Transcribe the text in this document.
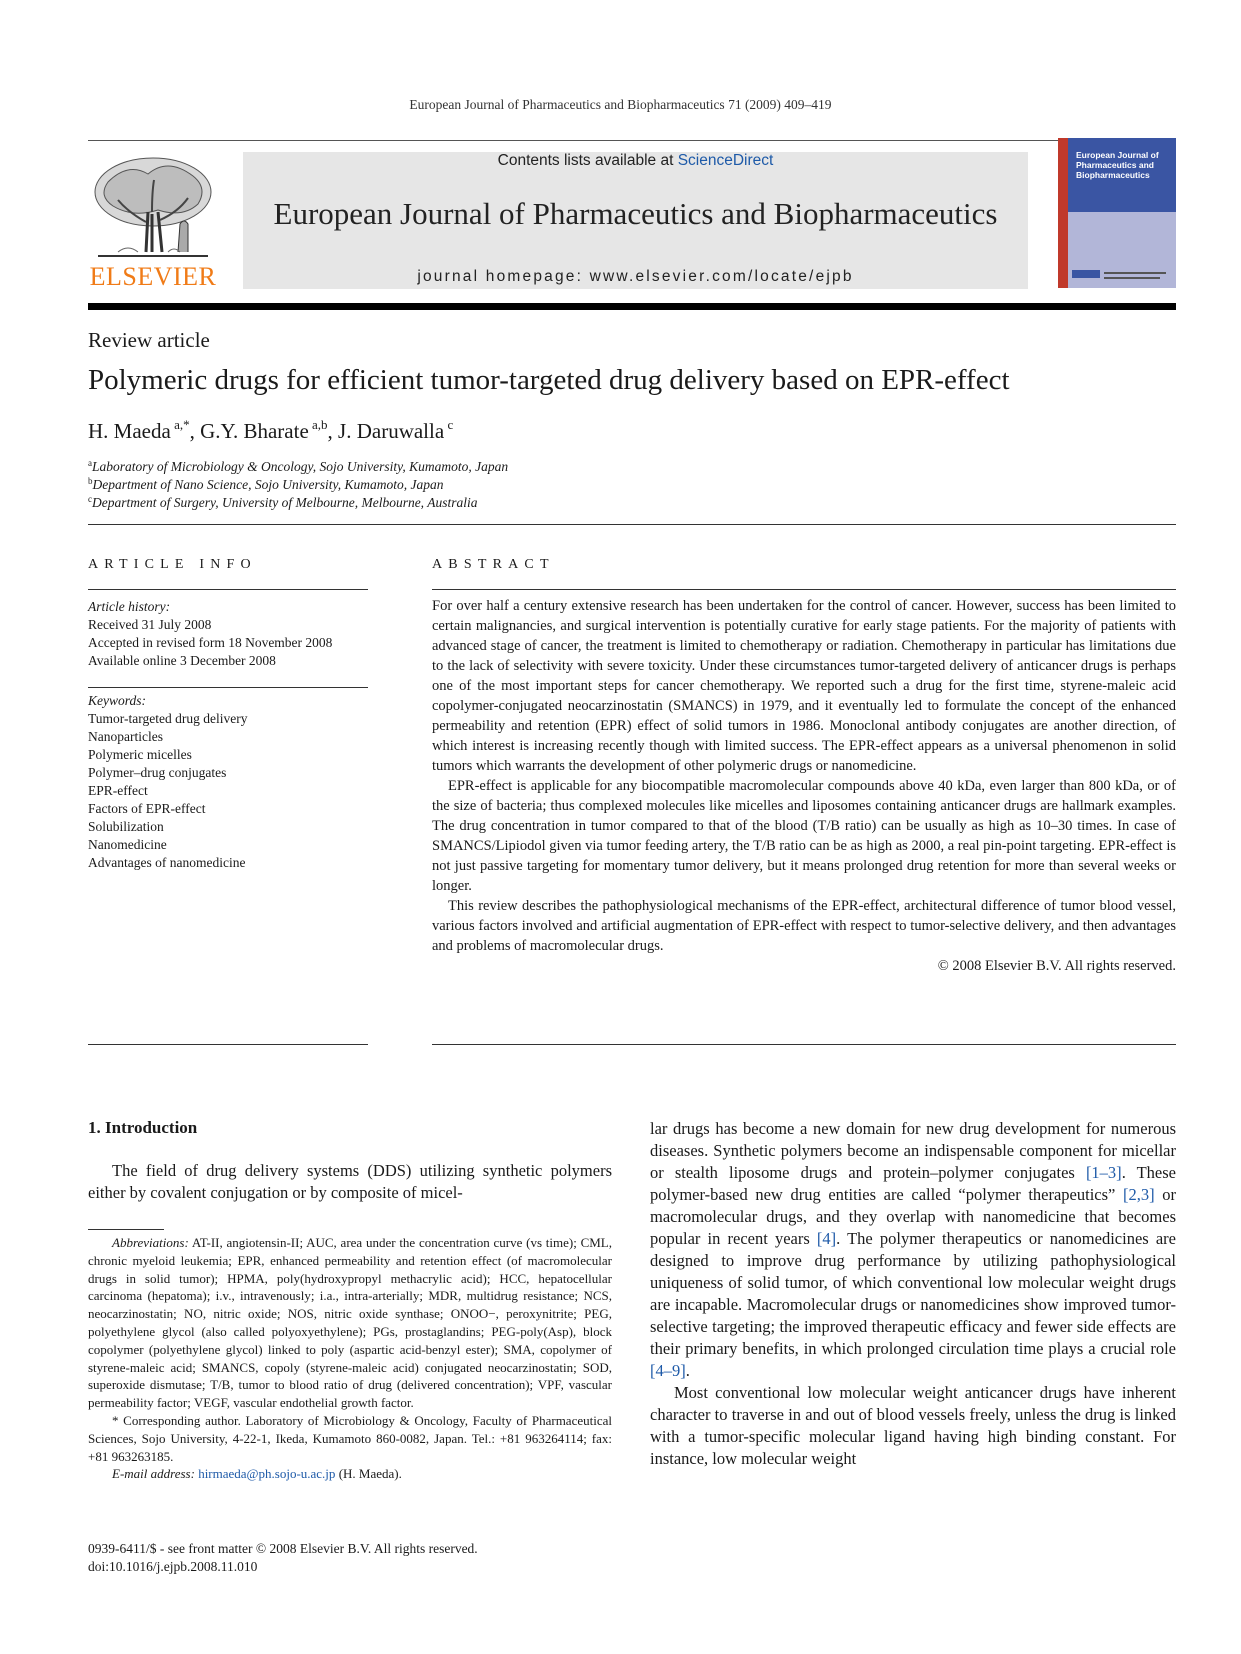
European Journal of Pharmaceutics and Biopharmaceutics 71 (2009) 409–419
ELSEVIER
Contents lists available at ScienceDirect
European Journal of Pharmaceutics and Biopharmaceutics
journal homepage: www.elsevier.com/locate/ejpb
European Journal of Pharmaceutics and Biopharmaceutics
Review article
Polymeric drugs for efficient tumor-targeted drug delivery based on EPR-effect
H. Maeda $^{a,*}$, G.Y. Bharate $^{a,b}$, J. Daruwalla $^c$
$^a$Laboratory of Microbiology & Oncology, Sojo University, Kumamoto, Japan
$^b$Department of Nano Science, Sojo University, Kumamoto, Japan
$^c$Department of Surgery, University of Melbourne, Melbourne, Australia
ARTICLE INFO
Article history:
Received 31 July 2008
Accepted in revised form 18 November 2008
Available online 3 December 2008
Keywords:
Tumor-targeted drug delivery
Nanoparticles
Polymeric micelles
Polymer–drug conjugates
EPR-effect
Factors of EPR-effect
Solubilization
Nanomedicine
Advantages of nanomedicine
ABSTRACT

For over half a century extensive research has been undertaken for the control of cancer. However, success has been limited to certain malignancies, and surgical intervention is potentially curative for early stage patients. For the majority of patients with advanced stage of cancer, the treatment is limited to chemotherapy or radiation. Chemotherapy in particular has limitations due to the lack of selectivity with severe toxicity. Under these circumstances tumor-targeted delivery of anticancer drugs is perhaps one of the most important steps for cancer chemotherapy. We reported such a drug for the first time, styrene-maleic acid copolymer-conjugated neocarzinostatin (SMANCS) in 1979, and it eventually led to formulate the concept of the enhanced permeability and retention (EPR) effect of solid tumors in 1986. Monoclonal antibody conjugates are another direction, of which interest is increasing recently though with limited success. The EPR-effect appears as a universal phenomenon in solid tumors which warrants the development of other polymeric drugs or nanomedicine.

EPR-effect is applicable for any biocompatible macromolecular compounds above 40 kDa, even larger than 800 kDa, or of the size of bacteria; thus complexed molecules like micelles and liposomes containing anticancer drugs are hallmark examples. The drug concentration in tumor compared to that of the blood (T/B ratio) can be usually as high as 10–30 times. In case of SMANCS/Lipiodol given via tumor feeding artery, the T/B ratio can be as high as 2000, a real pin-point targeting. EPR-effect is not just passive targeting for momentary tumor delivery, but it means prolonged drug retention for more than several weeks or longer.

This review describes the pathophysiological mechanisms of the EPR-effect, architectural difference of tumor blood vessel, various factors involved and artificial augmentation of EPR-effect with respect to tumor-selective delivery, and then advantages and problems of macromolecular drugs.

© 2008 Elsevier B.V. All rights reserved.
1. Introduction
The field of drug delivery systems (DDS) utilizing synthetic polymers either by covalent conjugation or by composite of micel-

Abbreviations: AT-II, angiotensin-II; AUC, area under the concentration curve (vs time); CML, chronic myeloid leukemia; EPR, enhanced permeability and retention effect (of macromolecular drugs in solid tumor); HPMA, poly(hydroxypropyl methacrylic acid); HCC, hepatocellular carcinoma (hepatoma); i.v., intravenously; i.a., intra-arterially; MDR, multidrug resistance; NCS, neocarzinostatin; NO, nitric oxide; NOS, nitric oxide synthase; ONOO−, peroxynitrite; PEG, polyethylene glycol (also called polyoxyethylene); PGs, prostaglandins; PEG-poly(Asp), block copolymer (polyethylene glycol) linked to poly (aspartic acid-benzyl ester); SMA, copolymer of styrene-maleic acid; SMANCS, copoly (styrene-maleic acid) conjugated neocarzinostatin; SOD, superoxide dismutase; T/B, tumor to blood ratio of drug (delivered concentration); VPF, vascular permeability factor; VEGF, vascular endothelial growth factor.

* Corresponding author. Laboratory of Microbiology & Oncology, Faculty of Pharmaceutical Sciences, Sojo University, 4-22-1, Ikeda, Kumamoto 860-0082, Japan. Tel.: +81 963264114; fax: +81 963263185.

E-mail address: hirmaeda@ph.sojo-u.ac.jp (H. Maeda).

0939-6411/$ - see front matter © 2008 Elsevier B.V. All rights reserved.
doi:10.1016/j.ejpb.2008.11.010

lar drugs has become a new domain for new drug development for numerous diseases. Synthetic polymers become an indispensable component for micellar or stealth liposome drugs and protein–polymer conjugates [1–3]. These polymer-based new drug entities are called “polymer therapeutics” [2,3] or macromolecular drugs, and they overlap with nanomedicine that becomes popular in recent years [4]. The polymer therapeutics or nanomedicines are designed to improve drug performance by utilizing pathophysiological uniqueness of solid tumor, of which conventional low molecular weight drugs are incapable. Macromolecular drugs or nanomedicines show improved tumor-selective targeting; the improved therapeutic efficacy and fewer side effects are their primary benefits, in which prolonged circulation time plays a crucial role [4–9].

Most conventional low molecular weight anticancer drugs have inherent character to traverse in and out of blood vessels freely, unless the drug is linked with a tumor-specific molecular ligand having high binding constant. For instance, low molecular weight
